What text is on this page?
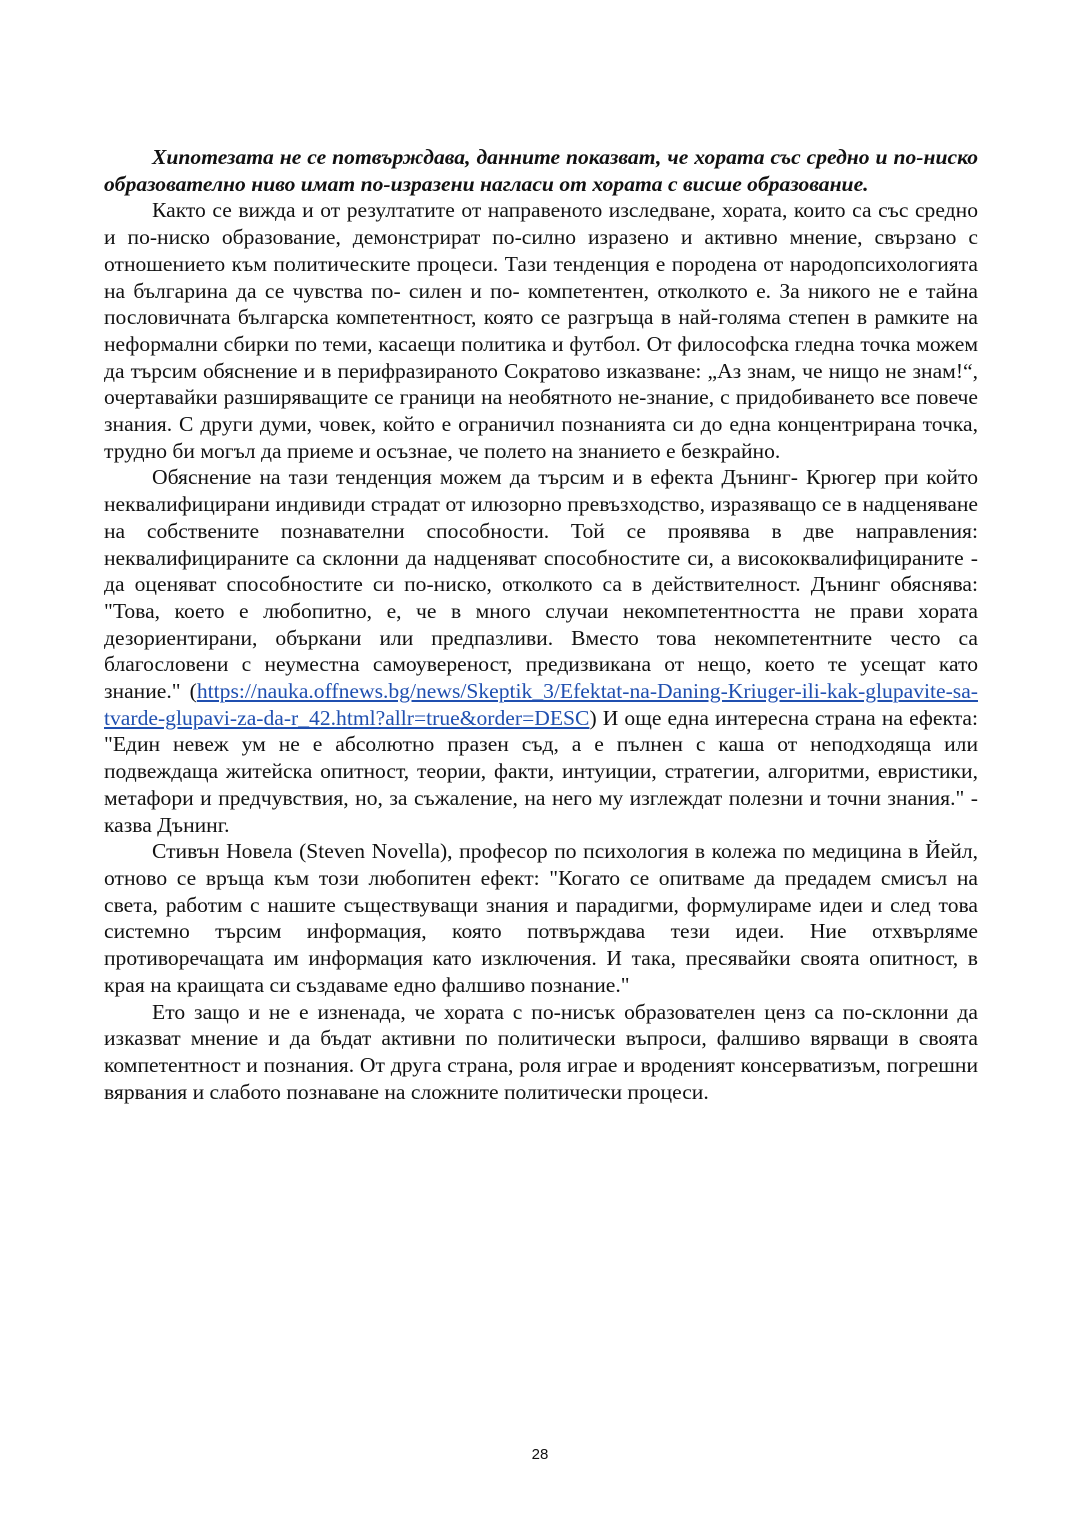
Хипотезата не се потвърждава, данните показват, че хората със средно и по-ниско образователно ниво имат по-изразени нагласи от хората с висше образование.

Както се вижда и от резултатите от направеното изследване, хората, които са със средно и по-ниско образование, демонстрират по-силно изразено и активно мнение, свързано с отношението към политическите процеси. Тази тенденция е породена от народопсихологията на българина да се чувства по- силен и по- компетентен, отколкото е. За никого не е тайна пословичната българска компетентност, която се разгръща в най-голяма степен в рамките на неформални сбирки по теми, касаещи политика и футбол. От философска гледна точка можем да търсим обяснение и в перифразираното Сократово изказване: „Аз знам, че нищо не знам!“, очертавайки разширяващите се граници на необятното не-знание, с придобиването все повече знания. С други думи, човек, който е ограничил познанията си до една концентрирана точка, трудно би могъл да приеме и осъзнае, че полето на знанието е безкрайно.

Обяснение на тази тенденция можем да търсим и в ефекта Дънинг- Крюгер при който неквалифицирани индивиди страдат от илюзорно превъзходство, изразяващо се в надценяване на собствените познавателни способности. Той се проявява в две направления: неквалифицираните са склонни да надценяват способностите си, а висококвалифицираните - да оценяват способностите си по-ниско, отколкото са в действителност. Дънинг обяснява: "Това, което е любопитно, е, че в много случаи некомпетентността не прави хората дезориентирани, объркани или предпазливи. Вместо това некомпетентните често са благословени с неуместна самоувереност, предизвикана от нещо, което те усещат като знание." (https://nauka.offnews.bg/news/Skeptik_3/Efektat-na-Daning-Kriuger-ili-kak-glupavite-sa-tvarde-glupavi-za-da-r_42.html?allr=true&order=DESC) И още една интересна страна на ефекта: "Един невеж ум не е абсолютно празен съд, а е пълнен с каша от неподходяща или подвеждаща житейска опитност, теории, факти, интуиции, стратегии, алгоритми, евристики, метафори и предчувствия, но, за съжаление, на него му изглеждат полезни и точни знания." - казва Дънинг.

Стивън Новела (Steven Novella), професор по психология в колежа по медицина в Йейл, отново се връща към този любопитен ефект: "Когато се опитваме да предадем смисъл на света, работим с нашите съществуващи знания и парадигми, формулираме идеи и след това системно търсим информация, която потвърждава тези идеи. Ние отхвърляме противоречащата им информация като изключения. И така, пресявайки своята опитност, в края на краищата си създаваме едно фалшиво познание."

Ето защо и не е изненада, че хората с по-нисък образователен ценз са по-склонни да изказват мнение и да бъдат активни по политически въпроси, фалшиво вярващи в своята компетентност и познания. От друга страна, роля играе и вроденият консерватизъм, погрешни вярвания и слабото познаване на сложните политически процеси.

28
